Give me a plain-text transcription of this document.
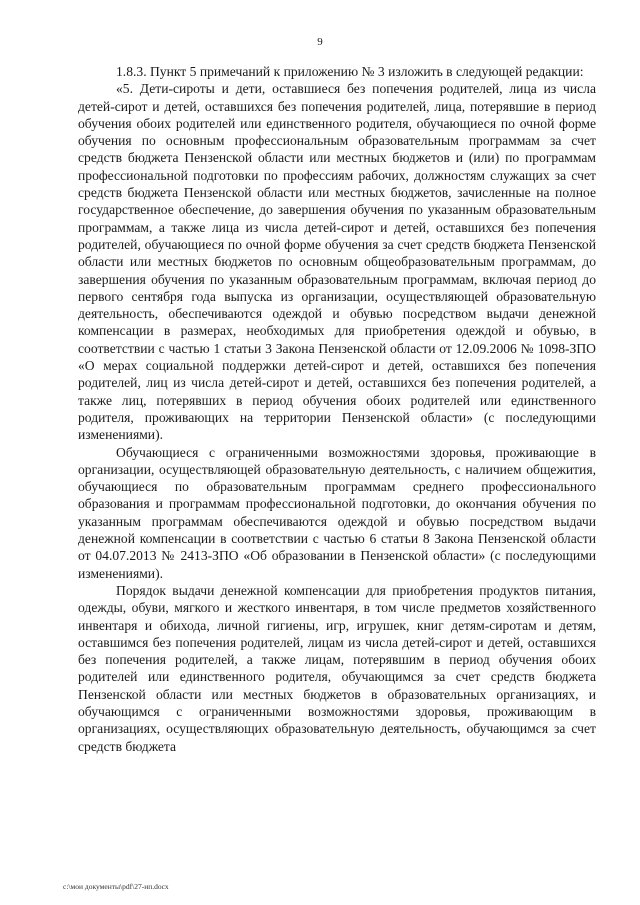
9

1.8.3. Пункт 5 примечаний к приложению № 3 изложить в следующей редакции:

«5. Дети-сироты и дети, оставшиеся без попечения родителей, лица из числа детей-сирот и детей, оставшихся без попечения родителей, лица, потерявшие в период обучения обоих родителей или единственного родителя, обучающиеся по очной форме обучения по основным профессиональным образовательным программам за счет средств бюджета Пензенской области или местных бюджетов и (или) по программам профессиональной подготовки по профессиям рабочих, должностям служащих за счет средств бюджета Пензенской области или местных бюджетов, зачисленные на полное государственное обеспечение, до завершения обучения по указанным образовательным программам, а также лица из числа детей-сирот и детей, оставшихся без попечения родителей, обучающиеся по очной форме обучения за счет средств бюджета Пензенской области или местных бюджетов по основным общеобразовательным программам, до завершения обучения по указанным образовательным программам, включая период до первого сентября года выпуска из организации, осуществляющей образовательную деятельность, обеспечиваются одеждой и обувью посредством выдачи денежной компенсации в размерах, необходимых для приобретения одеждой и обувью, в соответствии с частью 1 статьи 3 Закона Пензенской области от 12.09.2006 № 1098-ЗПО «О мерах социальной поддержки детей-сирот и детей, оставшихся без попечения родителей, лиц из числа детей-сирот и детей, оставшихся без попечения родителей, а также лиц, потерявших в период обучения обоих родителей или единственного родителя, проживающих на территории Пензенской области» (с последующими изменениями).

Обучающиеся с ограниченными возможностями здоровья, проживающие в организации, осуществляющей образовательную деятельность, с наличием общежития, обучающиеся по образовательным программам среднего профессионального образования и программам профессиональной подготовки, до окончания обучения по указанным программам обеспечиваются одеждой и обувью посредством выдачи денежной компенсации в соответствии с частью 6 статьи 8 Закона Пензенской области от 04.07.2013 № 2413-ЗПО «Об образовании в Пензенской области» (с последующими изменениями).

Порядок выдачи денежной компенсации для приобретения продуктов питания, одежды, обуви, мягкого и жесткого инвентаря, в том числе предметов хозяйственного инвентаря и обихода, личной гигиены, игр, игрушек, книг детям-сиротам и детям, оставшимся без попечения родителей, лицам из числа детей-сирот и детей, оставшихся без попечения родителей, а также лицам, потерявшим в период обучения обоих родителей или единственного родителя, обучающимся за счет средств бюджета Пензенской области или местных бюджетов в образовательных организациях, и обучающимся с ограниченными возможностями здоровья, проживающим в организациях, осуществляющих образовательную деятельность, обучающимся за счет средств бюджета

c:\мои документы\pdf\27-ип.docx
